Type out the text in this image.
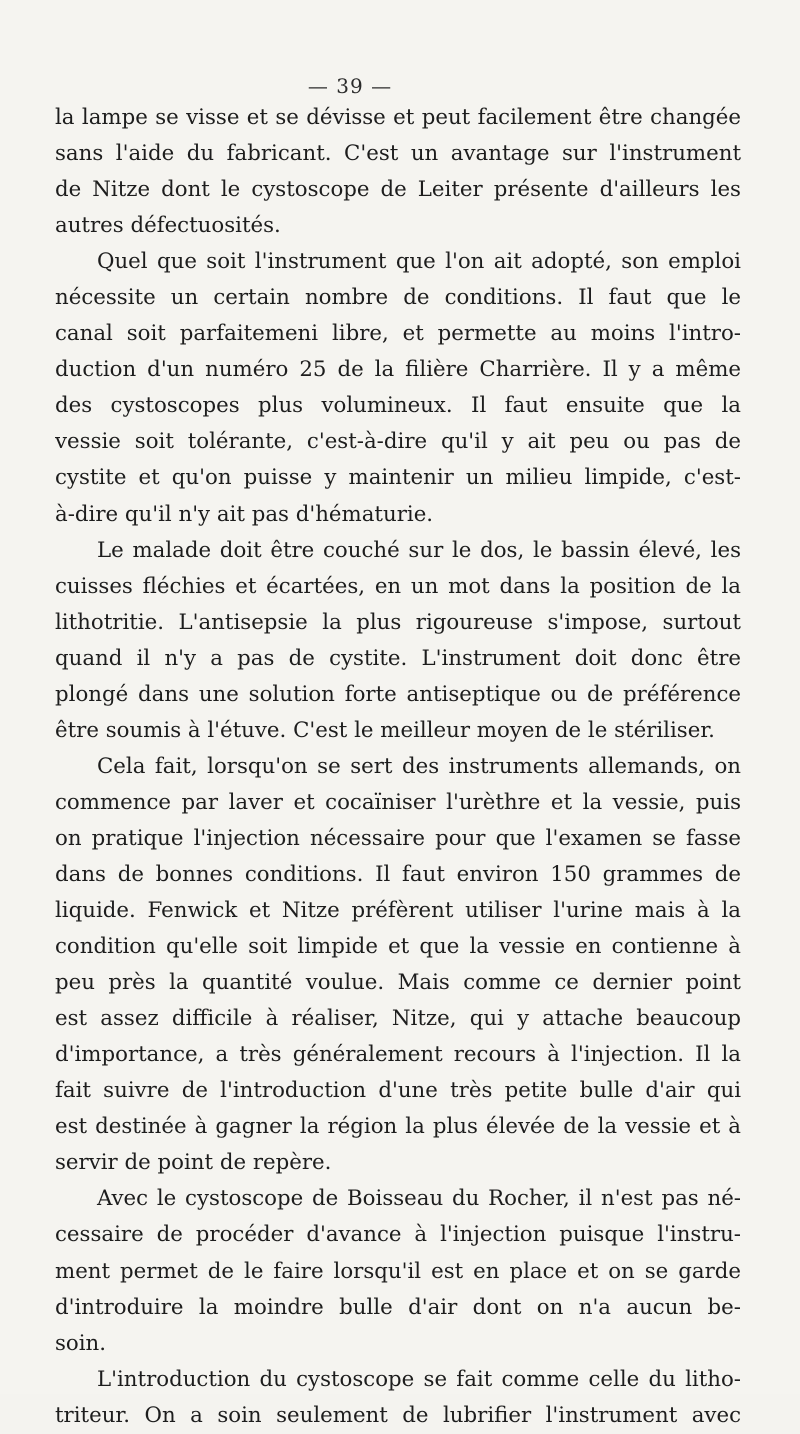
— 39 —
la lampe se visse et se dévisse et peut facilement être changée
sans l'aide du fabricant. C'est un avantage sur l'instrument
de Nitze dont le cystoscope de Leiter présente d'ailleurs les
autres défectuosités.
Quel que soit l'instrument que l'on ait adopté, son emploi
nécessite un certain nombre de conditions. Il faut que le
canal soit parfaitemeni libre, et permette au moins l'intro-
duction d'un numéro 25 de la filière Charrière. Il y a même
des cystoscopes plus volumineux. Il faut ensuite que la
vessie soit tolérante, c'est-à-dire qu'il y ait peu ou pas de
cystite et qu'on puisse y maintenir un milieu limpide, c'est-
à-dire qu'il n'y ait pas d'hématurie.
Le malade doit être couché sur le dos, le bassin élevé, les
cuisses fléchies et écartées, en un mot dans la position de la
lithotritie. L'antisepsie la plus rigoureuse s'impose, surtout
quand il n'y a pas de cystite. L'instrument doit donc être
plongé dans une solution forte antiseptique ou de préférence
être soumis à l'étuve. C'est le meilleur moyen de le stériliser.
Cela fait, lorsqu'on se sert des instruments allemands, on
commence par laver et cocaïniser l'urèthre et la vessie, puis
on pratique l'injection nécessaire pour que l'examen se fasse
dans de bonnes conditions. Il faut environ 150 grammes de
liquide. Fenwick et Nitze préfèrent utiliser l'urine mais à la
condition qu'elle soit limpide et que la vessie en contienne à
peu près la quantité voulue. Mais comme ce dernier point
est assez difficile à réaliser, Nitze, qui y attache beaucoup
d'importance, a très généralement recours à l'injection. Il la
fait suivre de l'introduction d'une très petite bulle d'air qui
est destinée à gagner la région la plus élevée de la vessie et à
servir de point de repère.
Avec le cystoscope de Boisseau du Rocher, il n'est pas né-
cessaire de procéder d'avance à l'injection puisque l'instru-
ment permet de le faire lorsqu'il est en place et on se garde
d'introduire la moindre bulle d'air dont on n'a aucun be-
soin.
L'introduction du cystoscope se fait comme celle du litho-
triteur. On a soin seulement de lubrifier l'instrument avec
